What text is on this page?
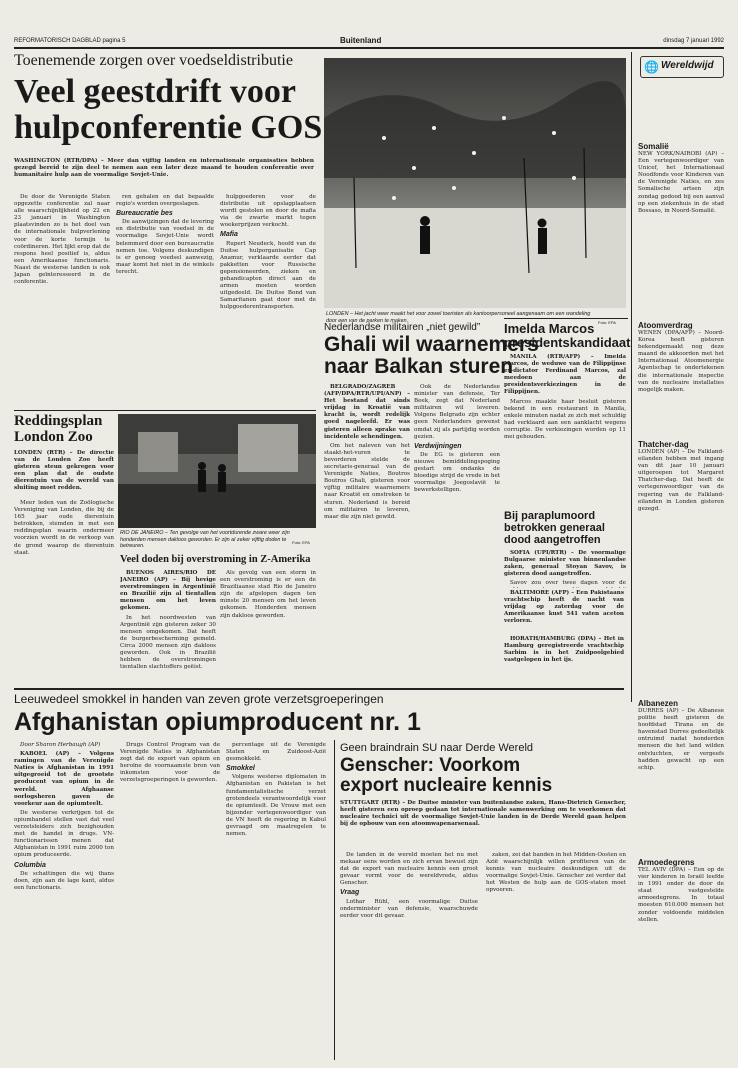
REFORMATORISCH DAGBLAD pagina 5	Buitenland	dinsdag 7 januari 1992
Toenemende zorgen over voedseldistributie
Veel geestdrift voor
hulpconferentie GOS
WASHINGTON (RTR/DPA) – Meer dan vijftig landen en internationale organisaties hebben gezegd bereid te zijn deel te nemen aan een later deze maand te houden conferentie over humanitaire hulp aan de voormalige Sovjet-Unie.

De door de Verenigde Staten opgezette conferentie zal naar alle waarschijnlijkheid op 22 en 23 januari in Washington plaatsvinden zo is het doel van de internationale hulpverlening voor de korte termijn te coördineren. Het lijkt erop dat de respons heel positief is, aldus een Amerikaanse functionaris. Naast de westerse landen is ook Japan geïnteresseerd in de conferentie.

ren gehalen en dat bepaalde regio's worden overgeslagen.

Bureaucratie bes

De aanwijzingen dat de levering en distributie van voedsel in de voormalige Sovjet-Unie wordt belemmerd door een bureaucratie nemen toe. Volgens deskundigen is er genoeg voedsel aanwezig, maar komt het niet in de winkels terecht.

hulpgoederen voor de distributie uit opslagplaatsen wordt gestolen en door de mafia via de zwarte markt tegen woekerprijzen verkocht.

Mafia

Rupert Neudeck, hoofd van de Duitse hulporganisatie Cap Anamur, verklaarde eerder dat pakketten voor Russische gepensioneerden, zieken en gehandicapten direct aan de armen moeten worden uitgedeeld. De Duitse Bond van Samaritanen gaat door met de hulpgoederentransporten.

LONDEN – Het jacht weer maakt het voor zowel toeristen als kantoorpersoneel aangenaam om een wandeling door een van de parken te maken.	Foto: EPA
🌐 Wereldwijd
Somalië
NEW YORK/NAIROBI (AP) – Een vertegenwoordiger van Unicef, het Internationaal Noodfonds voor Kinderen van de Verenigde Naties, en zes Somalische artsen zijn zondag gedood bij een aanval op een ziekenhuis in de stad Bossaso, in Noord-Somalië.
Atoomverdrag
WENEN (DPA/AFP) – Noord-Korea heeft gisteren bekendgemaakt nog deze maand de akkoorden met het Internationaal Atoomenergie Agentschap te ondertekenen die internationale inspectie van de nucleaire installaties mogelijk maken.
Thatcher-dag
LONDEN (AP) – De Falkland-eilanden hebben met ingang van dit jaar 10 januari uitgeroepen tot Margaret Thatcher-dag. Dat heeft de vertegenwoordiger van de regering van de Falkland-eilanden in Londen gisteren gezegd.
Albanezen
DURRES (AP) – De Albanese politie heeft gisteren de hoofdstad Tirana en de havenstad Durres gedeeltelijk ontruimd nadat honderden mensen die het land wilden ontvluchten, er vergeefs hadden gewacht op een schip.
Armoedegrens
TEL AVIV (DPA) – Een op de vier kinderen in Israël leefde in 1991 onder de door de staat vastgestelde armoedegrens. In totaal moesten 610.000 mensen het zonder voldoende middelen stellen.
Reddingsplan
London Zoo
LONDEN (RTR) – De directie van de Londen Zoo heeft gisteren steun gekregen voor een plan dat de oudste dierentuin van de wereld van sluiting moet redden.

Meer leden van de Zoölogische Vereniging van Londen, die bij de 165 jaar oude dierentuin betrokken, stemden in met een reddingsplan waarin ondermeer voorzien wordt in de verkoop van de grond waarop de dierentuin staat.

RIO DE JANEIRO – Ten gevolge van het voortdurende zware weer zijn honderden mensen dakloos geworden. Er zijn al zeker vijftig doden te betreuren.
Foto: EPA
Veel doden bij overstroming in Z-Amerika

BUENOS AIRES/RIO DE JANEIRO (AP) – Bij hevige overstromingen in Argentinië en Brazilië zijn al tientallen mensen om het leven gekomen.

In het noordwesten van Argentinië zijn gisteren zeker 30 mensen omgekomen. Dat heeft de burgerbescherming gemeld. Circa 2000 mensen zijn dakloos geworden. Ook in Brazilië hebben de overstromingen tientallen slachtoffers geëist.

Als gevolg van een storm in een overstroming is er een de Braziliaanse stad Rio de Janeiro zijn de afgelopen dagen ten minste 20 mensen om het leven gekomen. Honderden mensen zijn dakloos geworden.

Nederlandse militairen „niet gewild”
Ghali wil waarnemers
naar Balkan sturen

BELGRADO/ZAGREB (AFP/DPA/RTR/UPI/ANP) – Het bestand dat sinds vrijdag in Kroatië van kracht is, wordt redelijk goed nageleefd. Er was gisteren alleen sprake van incidentele schendingen.

Om het naleven van het staakt-het-vuren te bevorderen stelde de secretaris-generaal van de Verenigde Naties, Boutros Boutros Ghali, gisteren voor vijftig militaire waarnemers naar Kroatië en omstreken te sturen. Nederland is bereid om militairen te leveren, maar die zijn niet gewild.

Ook de Nederlandse minister van defensie, Ter Beek, zegt dat Nederland militairen wil leveren. Volgens Belgrado zijn echter geen Nederlanders gewenst omdat zij als partijdig worden gezien.

Verdwijningen

De EG is gisteren een nieuwe bemiddelingspoging gestart om ondanks de bloedige strijd de vrede in het voormalige Joegoslavië te bewerkstelligen.

BALTIMORE (AFP) – Een Pakistaans vrachtschip heeft de nacht van vrijdag op zaterdag voor de Amerikaanse kust 541 vaten aceton verloren.

HORATH/HAMBURG (DPA) – Het in Hamburg geregistreerde vrachtschip Sarbim is in het Zuidpoolgebied vastgelopen in het ijs.

Imelda Marcos
presidentskandidaat

MANILA (RTR/AFP) – Imelda Marcos, de weduwe van de Filippijnse ex-dictator Ferdinand Marcos, zal meedoen aan de presidentsverkiezingen in de Filippijnen.

Marcos maakte haar besluit gisteren bekend in een restaurant in Manila, enkele minuten nadat ze zich met schuldig had verklaard aan een aanklacht wegens corruptie. De verkiezingen worden op 11 mei gehouden.

Bij paraplumoord
betrokken generaal
dood aangetroffen

SOFIA (UPI/RTR) – De voormalige Bulgaarse minister van binnenlandse zaken, generaal Stoyan Savov, is gisteren dood aangetroffen.

Savov zou over twee dagen voor de

Leeuwedeel smokkel in handen van zeven grote verzetsgroeperingen
Afghanistan opiumproducent nr. 1

Door Sharon Herbaugh (AP)

KABOEL (AP) – Volgens ramingen van de Verenigde Naties is Afghanistan in 1991 uitgegroeid tot de grootste producent van opium in de wereld. Afghaanse oorlogsheren gaven de voorkeur aan de opiumteelt.

De westerse verkrijgen tot de opiumhandel stellen vast dat veel verzetsleiders zich bezighouden met de handel in drugs. VN-functionarissen menen dat Afghanistan in 1991 ruim 2000 ton opium produceerde.

Columbia

De schattingen die wij thans doen, zijn aan de lage kant, aldus een functionaris.

Drugs Control Program van de Verenigde Naties in Afghanistan zegt dat de export van opium en heroïne de voornaamste bron van inkomsten voor de verzetsgroeperingen is geworden.

percentage uit de Verenigde Staten en Zuidoost-Azië gesmokkeld.

Smokkel

Volgens westerse diplomaten in Afghanistan en Pakistan is het fundamentalistische verzet grotendeels verantwoordelijk voor de opiumteelt. De Vrouw met een bijzonder vertegenwoordiger van de VN heeft de regering in Kabul gevraagd om maatregelen te nemen.

Geen braindrain SU naar Derde Wereld
Genscher: Voorkom
export nucleaire kennis
STUTTGART (RTR) – De Duitse minister van buitenlandse zaken, Hans-Dietrich Genscher, heeft gisteren een oproep gedaan tot internationale samenwerking om te voorkomen dat nucleaire technici uit de voormalige Sovjet-Unie landen in de Derde Wereld gaan helpen bij de opbouw van een atoomwapenarsenaal.

De landen in de wereld moeten het nu met mekaar eens worden en zich ervan bewust zijn dat de export van nucleaire kennis een groot gevaar vormt voor de wereldvrede, aldus Genscher.

Vraag

Lothar Rühl, een voormalige Duitse onderminister van defensie, waarschuwde eerder voor dit gevaar.

zaken, zei dat banden in het Midden-Oosten en Azië waarschijnlijk willen profiteren van de kennis van nucleaire deskundigen uit de voormalige Sovjet-Unie. Genscher zei verder dat het Westen de hulp aan de GOS-staten moet opvoeren.
